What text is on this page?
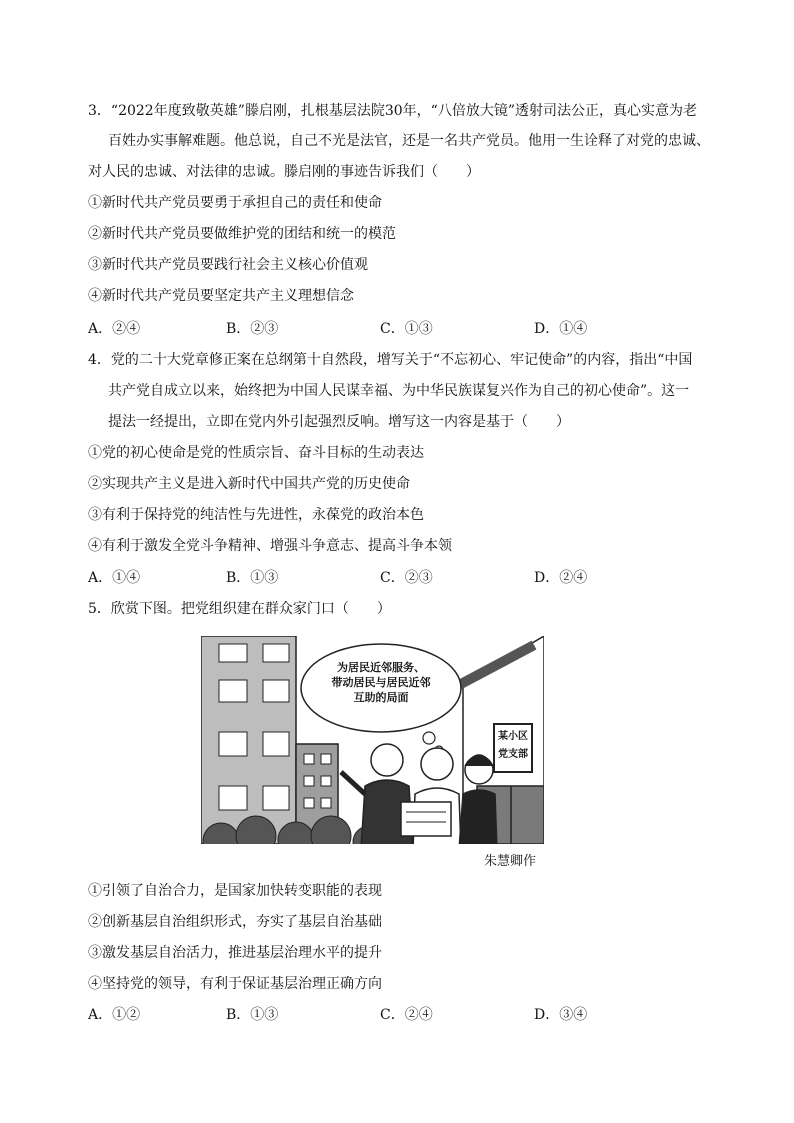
3．“2022年度致敬英雄”滕启刚，扎根基层法院30年，“八倍放大镜”透射司法公正，真心实意为老
百姓办实事解难题。他总说，自己不光是法官，还是一名共产党员。他用一生诠释了对党的忠诚、
对人民的忠诚、对法律的忠诚。滕启刚的事迹告诉我们（　　）
①新时代共产党员要勇于承担自己的责任和使命
②新时代共产党员要做维护党的团结和统一的模范
③新时代共产党员要践行社会主义核心价值观
④新时代共产党员要坚定共产主义理想信念
A．②④	B．②③	C．①③	D．①④
4．党的二十大党章修正案在总纲第十自然段，增写关于“不忘初心、牢记使命”的内容，指出“中国
共产党自成立以来，始终把为中国人民谋幸福、为中华民族谋复兴作为自己的初心使命”。这一
提法一经提出，立即在党内外引起强烈反响。增写这一内容是基于（　　）
①党的初心使命是党的性质宗旨、奋斗目标的生动表达
②实现共产主义是进入新时代中国共产党的历史使命
③有利于保持党的纯洁性与先进性，永葆党的政治本色
④有利于激发全党斗争精神、增强斗争意志、提高斗争本领
A．①④	B．①③	C．②③	D．②④
5．欣赏下图。把党组织建在群众家门口（　　）
为居民近邻服务、
带动居民与居民近邻
互助的局面
某小区
党支部
朱慧卿作
①引领了自治合力，是国家加快转变职能的表现
②创新基层自治组织形式，夯实了基层自治基础
③激发基层自治活力，推进基层治理水平的提升
④坚持党的领导，有利于保证基层治理正确方向
A．①②	B．①③	C．②④	D．③④
